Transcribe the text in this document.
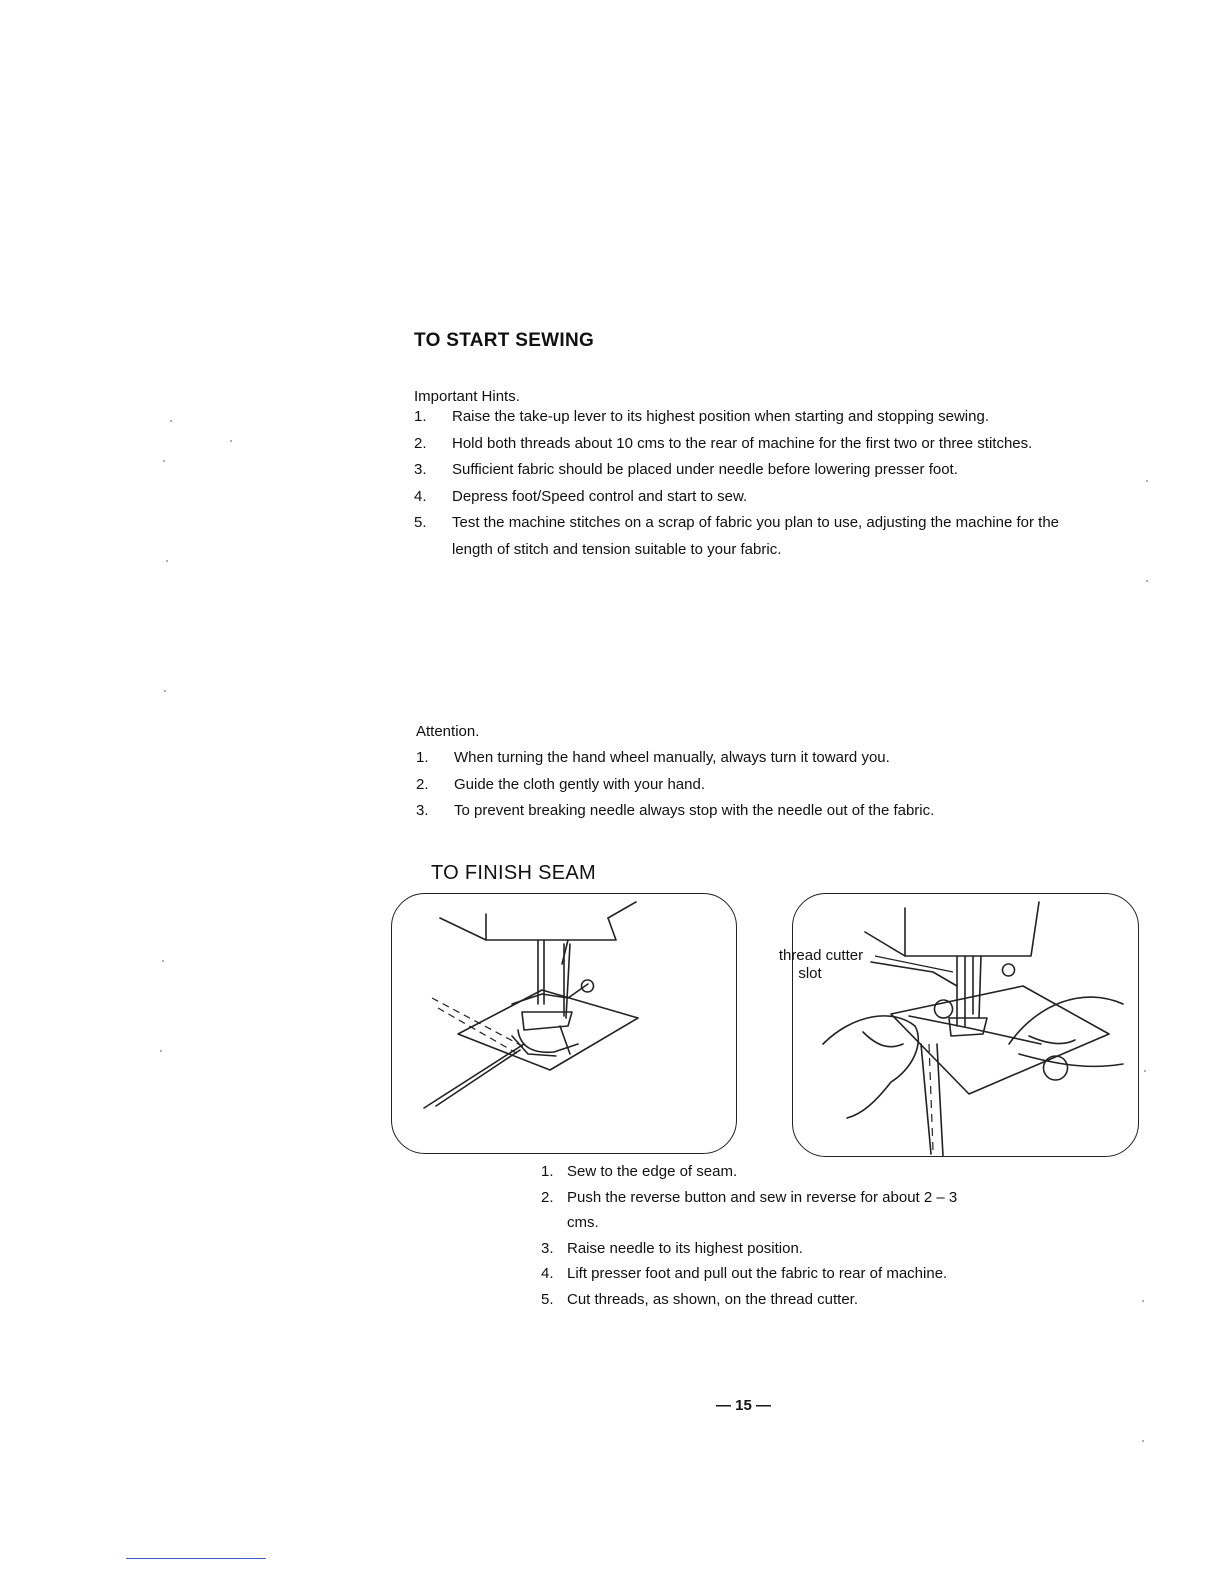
TO START SEWING
Important Hints.
1. Raise the take-up lever to its highest position when starting and stopping sewing.
2. Hold both threads about 10 cms to the rear of machine for the first two or three stitches.
3. Sufficient fabric should be placed under needle before lowering presser foot.
4. Depress foot/Speed control and start to sew.
5. Test the machine stitches on a scrap of fabric you plan to use, adjusting the machine for the length of stitch and tension suitable to your fabric.
Attention.
1. When turning the hand wheel manually, always turn it toward you.
2. Guide the cloth gently with your hand.
3. To prevent breaking needle always stop with the needle out of the fabric.
TO FINISH SEAM
thread cutter
slot
1. Sew to the edge of seam.
2. Push the reverse button and sew in reverse for about 2 – 3 cms.
3. Raise needle to its highest position.
4. Lift presser foot and pull out the fabric to rear of machine.
5. Cut threads, as shown, on the thread cutter.
— 15 —
